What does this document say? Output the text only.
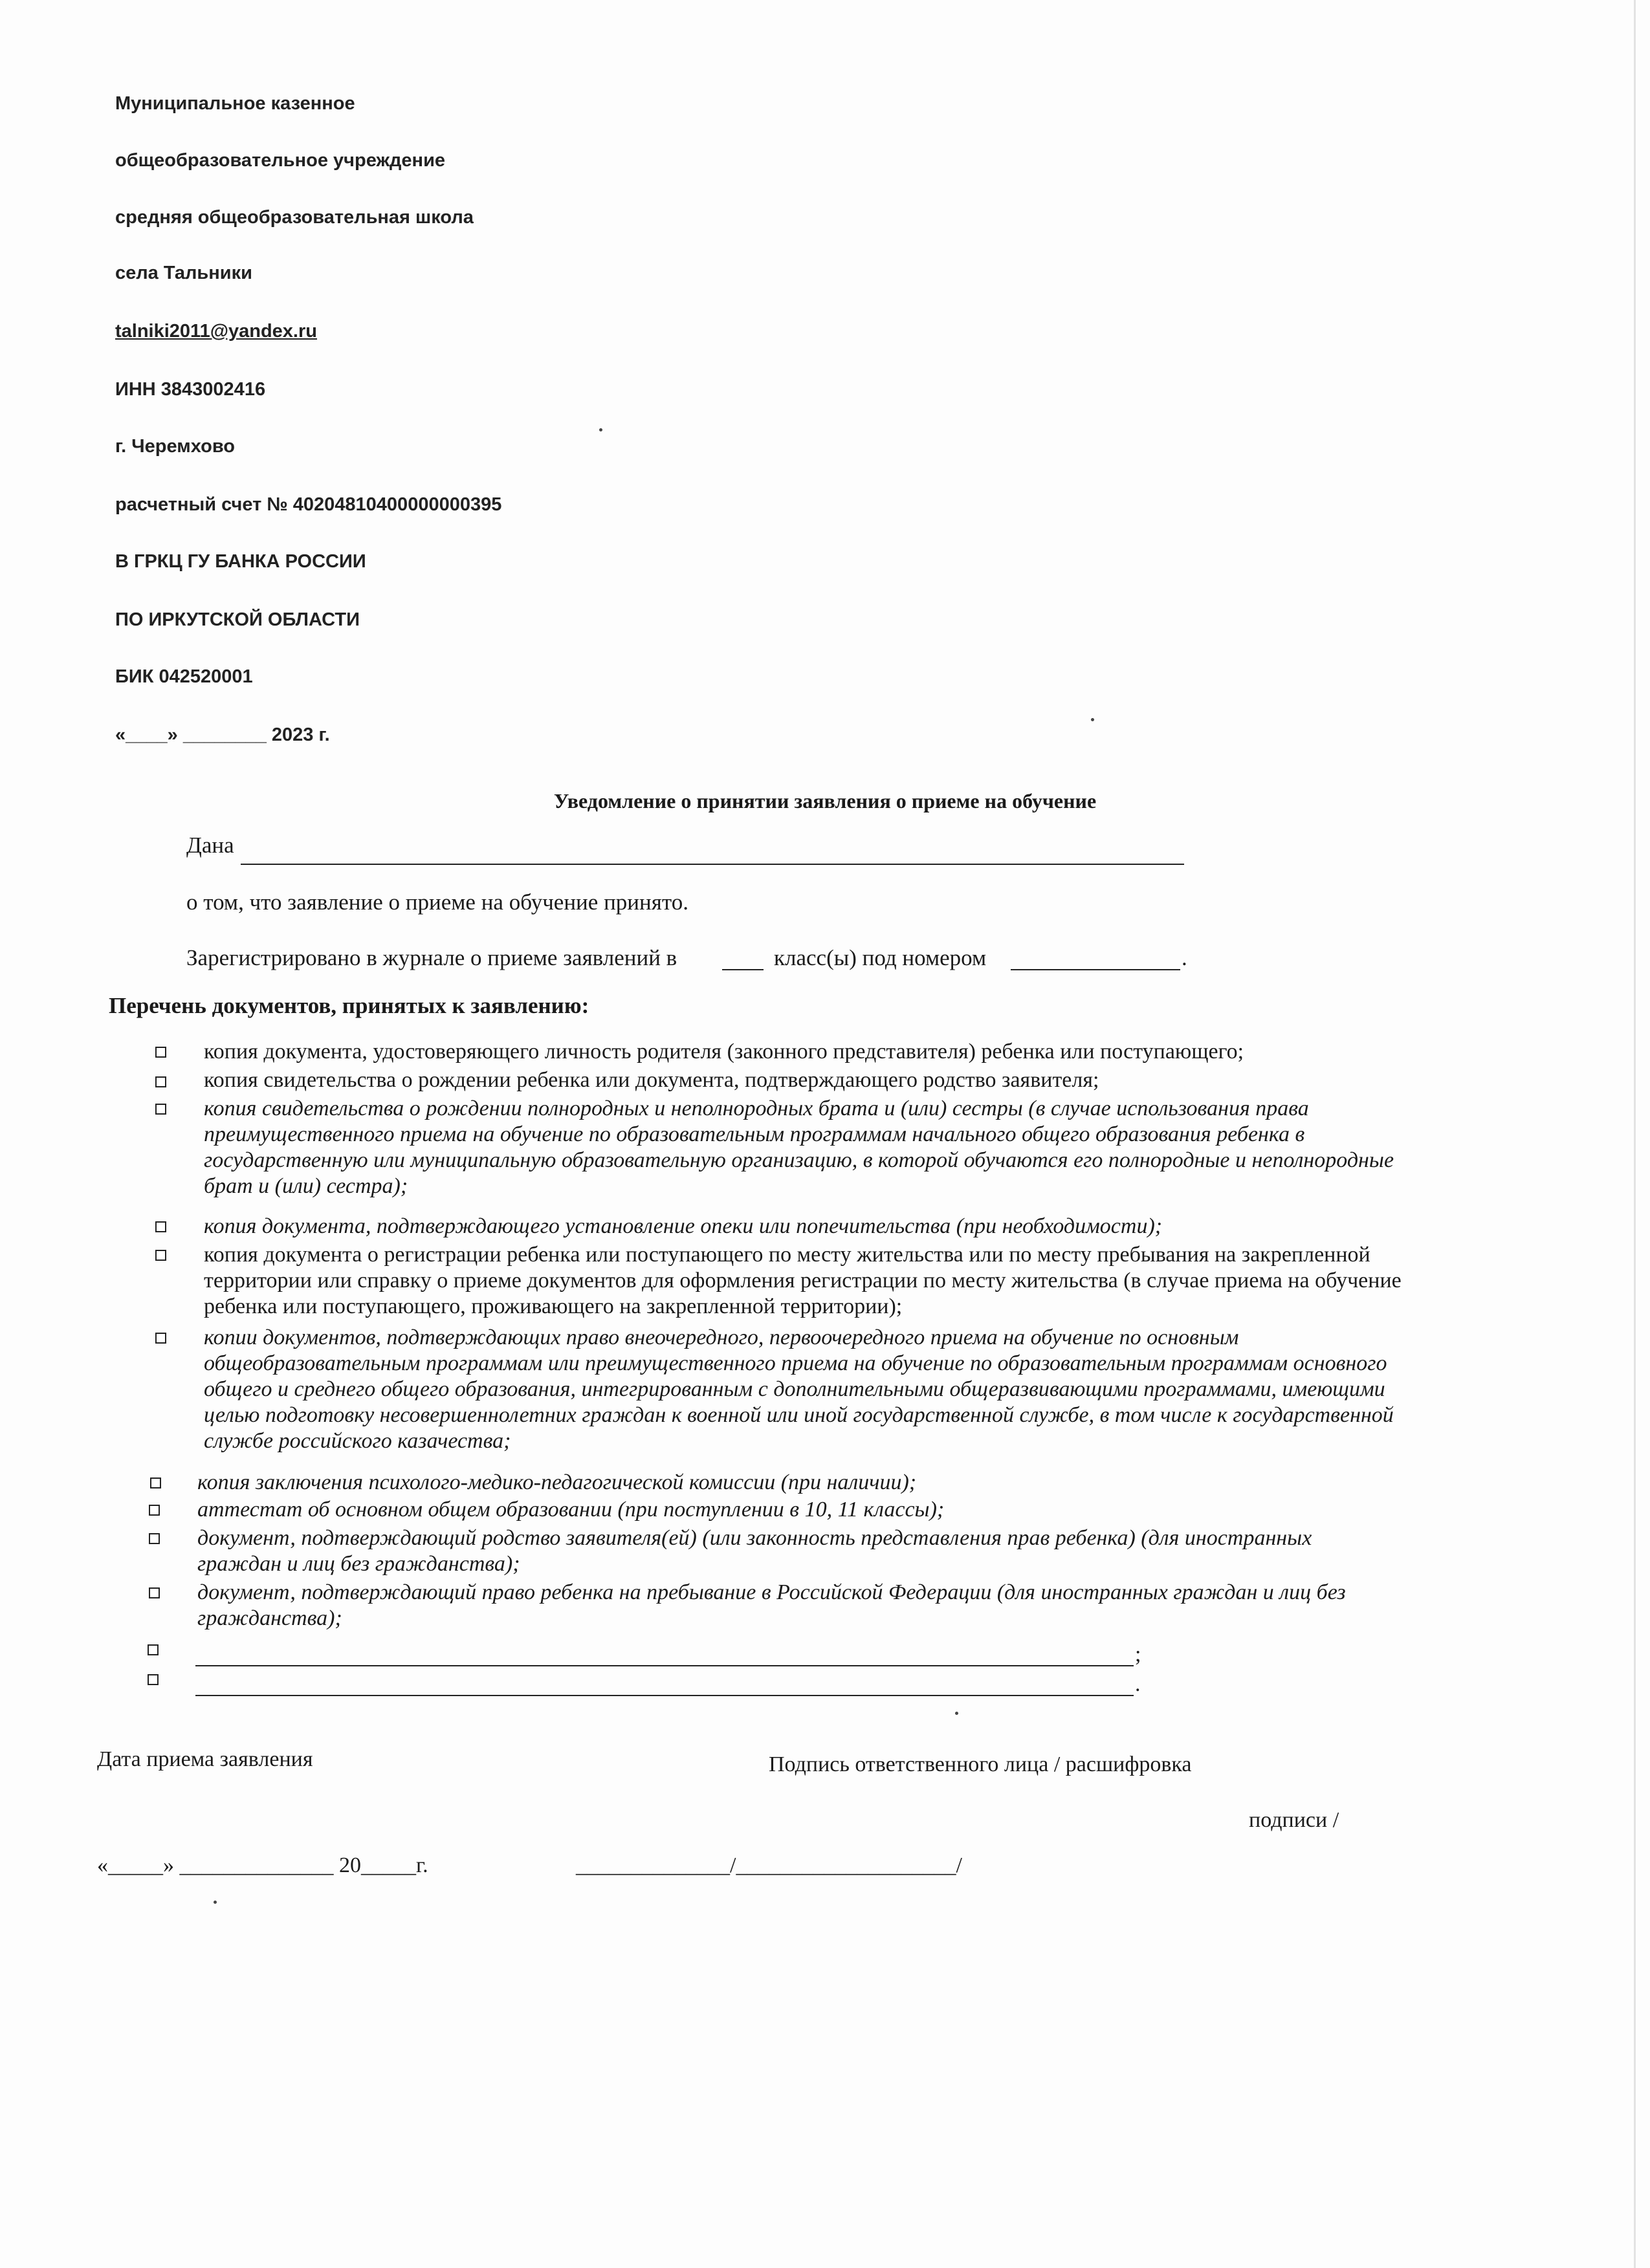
Муниципальное казенное
общеобразовательное учреждение
средняя общеобразовательная школа
села Тальники
talniki2011@yandex.ru
ИНН 3843002416
г. Черемхово
расчетный счет № 40204810400000000395
В ГРКЦ ГУ БАНКА РОССИИ
ПО ИРКУТСКОЙ ОБЛАСТИ
БИК 042520001
«____» ________ 2023 г.
Уведомление о принятии заявления о приеме на обучение
Дана
о том, что заявление о приеме на обучение принято.
Зарегистрировано в журнале о приеме заявлений в	класс(ы) под номером	.
Перечень документов, принятых к заявлению:
копия документа, удостоверяющего личность родителя (законного представителя) ребенка или поступающего;
копия свидетельства о рождении ребенка или документа, подтверждающего родство заявителя;
копия свидетельства о рождении полнородных и неполнородных брата и (или) сестры (в случае использования права
преимущественного приема на обучение по образовательным программам начального общего образования ребенка в
государственную или муниципальную образовательную организацию, в которой обучаются его полнородные и неполнородные
брат и (или) сестра);
копия документа, подтверждающего установление опеки или попечительства (при необходимости);
копия документа о регистрации ребенка или поступающего по месту жительства или по месту пребывания на закрепленной
территории или справку о приеме документов для оформления регистрации по месту жительства (в случае приема на обучение
ребенка или поступающего, проживающего на закрепленной территории);
копии документов, подтверждающих право внеочередного, первоочередного приема на обучение по основным
общеобразовательным программам или преимущественного приема на обучение по образовательным программам основного
общего и среднего общего образования, интегрированным с дополнительными общеразвивающими программами, имеющими
целью подготовку несовершеннолетних граждан к военной или иной государственной службе, в том числе к государственной
службе российского казачества;
копия заключения психолого-медико-педагогической комиссии (при наличии);
аттестат об основном общем образовании (при поступлении в 10, 11 классы);
документ, подтверждающий родство заявителя(ей) (или законность представления прав ребенка) (для иностранных
граждан и лиц без гражданства);
документ, подтверждающий право ребенка на пребывание в Российской Федерации (для иностранных граждан и лиц без
гражданства);
;
.
Дата приема заявления	Подпись ответственного лица / расшифровка
подписи /
«_____» ______________ 20_____г.	______________/____________________/
